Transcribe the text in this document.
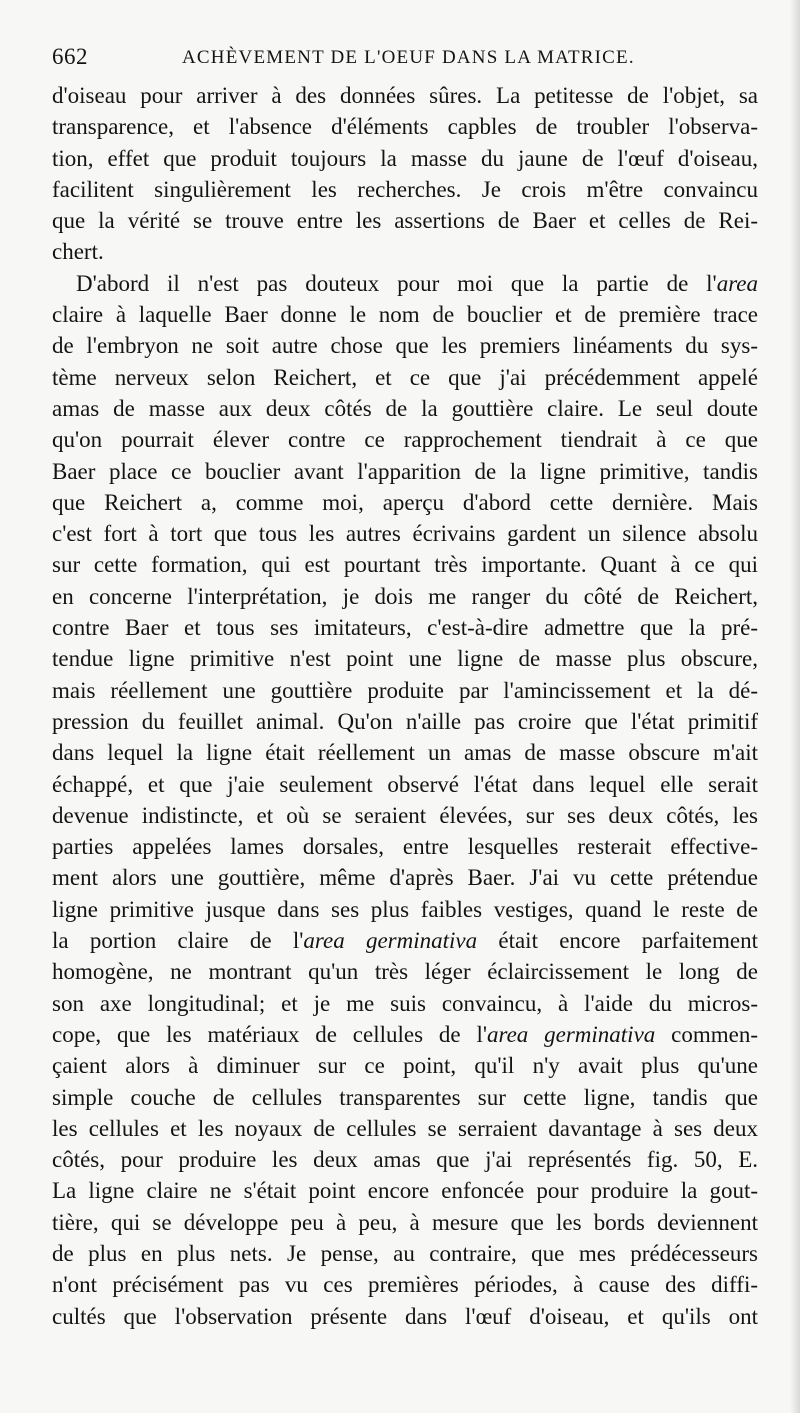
662	ACHÈVEMENT DE L'OEUF DANS LA MATRICE.
d'oiseau pour arriver à des données sûres. La petitesse de l'objet, sa
transparence, et l'absence d'éléments capbles de troubler l'observa-
tion, effet que produit toujours la masse du jaune de l'œuf d'oiseau,
facilitent singulièrement les recherches. Je crois m'être convaincu
que la vérité se trouve entre les assertions de Baer et celles de Rei-
chert.
D'abord il n'est pas douteux pour moi que la partie de l'area
claire à laquelle Baer donne le nom de bouclier et de première trace
de l'embryon ne soit autre chose que les premiers linéaments du sys-
tème nerveux selon Reichert, et ce que j'ai précédemment appelé
amas de masse aux deux côtés de la gouttière claire. Le seul doute
qu'on pourrait élever contre ce rapprochement tiendrait à ce que
Baer place ce bouclier avant l'apparition de la ligne primitive, tandis
que Reichert a, comme moi, aperçu d'abord cette dernière. Mais
c'est fort à tort que tous les autres écrivains gardent un silence absolu
sur cette formation, qui est pourtant très importante. Quant à ce qui
en concerne l'interprétation, je dois me ranger du côté de Reichert,
contre Baer et tous ses imitateurs, c'est-à-dire admettre que la pré-
tendue ligne primitive n'est point une ligne de masse plus obscure,
mais réellement une gouttière produite par l'amincissement et la dé-
pression du feuillet animal. Qu'on n'aille pas croire que l'état primitif
dans lequel la ligne était réellement un amas de masse obscure m'ait
échappé, et que j'aie seulement observé l'état dans lequel elle serait
devenue indistincte, et où se seraient élevées, sur ses deux côtés, les
parties appelées lames dorsales, entre lesquelles resterait effective-
ment alors une gouttière, même d'après Baer. J'ai vu cette prétendue
ligne primitive jusque dans ses plus faibles vestiges, quand le reste de
la portion claire de l'area germinativa était encore parfaitement
homogène, ne montrant qu'un très léger éclaircissement le long de
son axe longitudinal; et je me suis convaincu, à l'aide du micros-
cope, que les matériaux de cellules de l'area germinativa commen-
çaient alors à diminuer sur ce point, qu'il n'y avait plus qu'une
simple couche de cellules transparentes sur cette ligne, tandis que
les cellules et les noyaux de cellules se serraient davantage à ses deux
côtés, pour produire les deux amas que j'ai représentés fig. 50, E.
La ligne claire ne s'était point encore enfoncée pour produire la gout-
tière, qui se développe peu à peu, à mesure que les bords deviennent
de plus en plus nets. Je pense, au contraire, que mes prédécesseurs
n'ont précisément pas vu ces premières périodes, à cause des diffi-
cultés que l'observation présente dans l'œuf d'oiseau, et qu'ils ont
